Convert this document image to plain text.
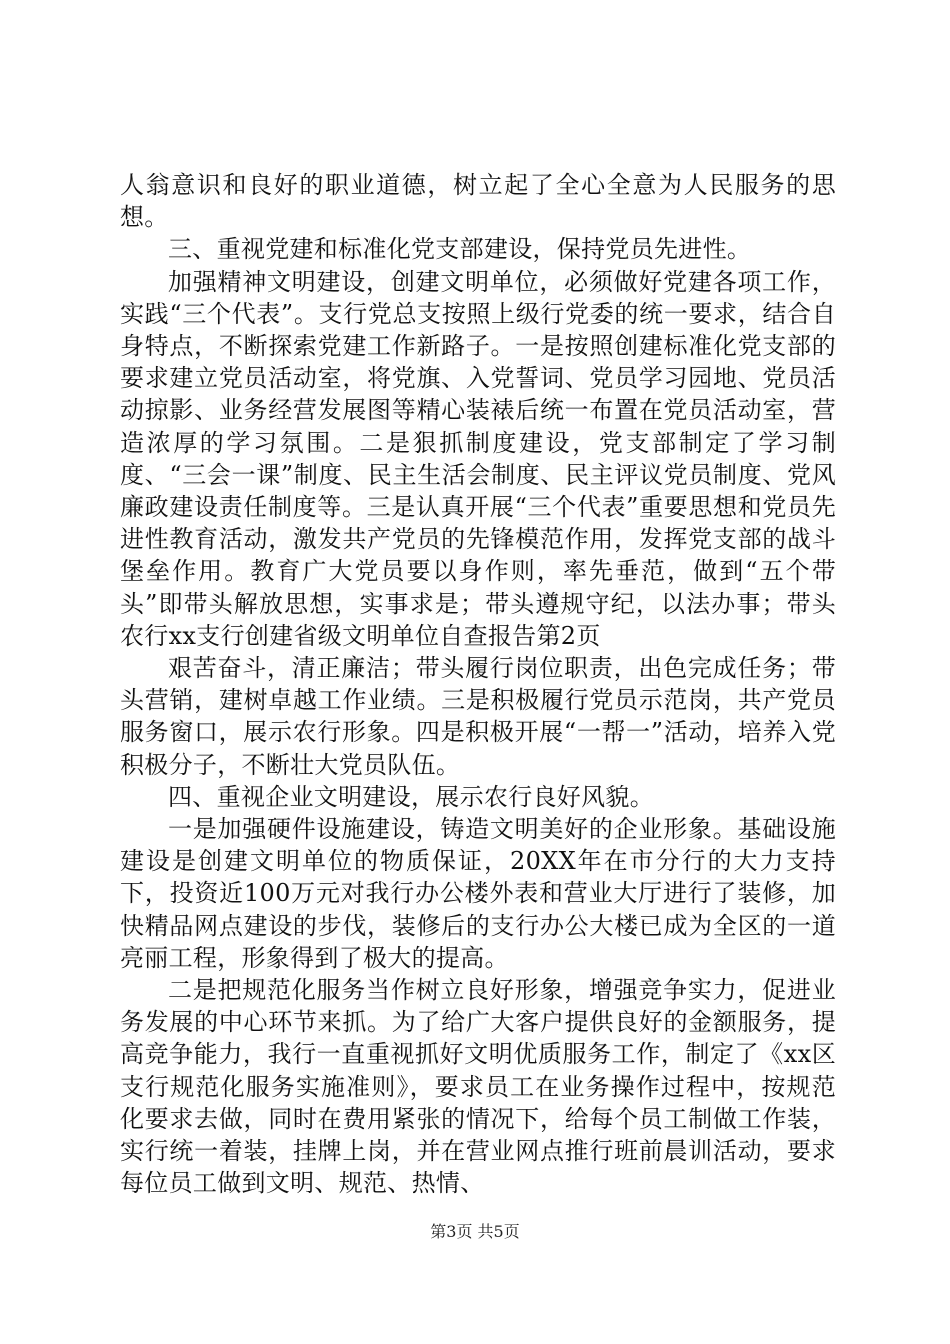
人翁意识和良好的职业道德，树立起了全心全意为人民服务的思想。

三、重视党建和标准化党支部建设，保持党员先进性。

加强精神文明建设，创建文明单位，必须做好党建各项工作，实践“三个代表”。支行党总支按照上级行党委的统一要求，结合自身特点，不断探索党建工作新路子。一是按照创建标准化党支部的要求建立党员活动室，将党旗、入党誓词、党员学习园地、党员活动掠影、业务经营发展图等精心装裱后统一布置在党员活动室，营造浓厚的学习氛围。二是狠抓制度建设，党支部制定了学习制度、“三会一课”制度、民主生活会制度、民主评议党员制度、党风廉政建设责任制度等。三是认真开展“三个代表”重要思想和党员先进性教育活动，激发共产党员的先锋模范作用，发挥党支部的战斗堡垒作用。教育广大党员要以身作则，率先垂范，做到“五个带头”即带头解放思想，实事求是；带头遵规守纪，以法办事；带头农行xx支行创建省级文明单位自查报告第2页

艰苦奋斗，清正廉洁；带头履行岗位职责，出色完成任务；带头营销，建树卓越工作业绩。三是积极履行党员示范岗，共产党员服务窗口，展示农行形象。四是积极开展“一帮一”活动，培养入党积极分子，不断壮大党员队伍。

四、重视企业文明建设，展示农行良好风貌。

一是加强硬件设施建设，铸造文明美好的企业形象。基础设施建设是创建文明单位的物质保证，20XX年在市分行的大力支持下，投资近100万元对我行办公楼外表和营业大厅进行了装修，加快精品网点建设的步伐，装修后的支行办公大楼已成为全区的一道亮丽工程，形象得到了极大的提高。

二是把规范化服务当作树立良好形象，增强竞争实力，促进业务发展的中心环节来抓。为了给广大客户提供良好的金额服务，提高竞争能力，我行一直重视抓好文明优质服务工作，制定了《xx区支行规范化服务实施准则》，要求员工在业务操作过程中，按规范化要求去做，同时在费用紧张的情况下，给每个员工制做工作装，实行统一着装，挂牌上岗，并在营业网点推行班前晨训活动，要求每位员工做到文明、规范、热情、

第3页 共5页
